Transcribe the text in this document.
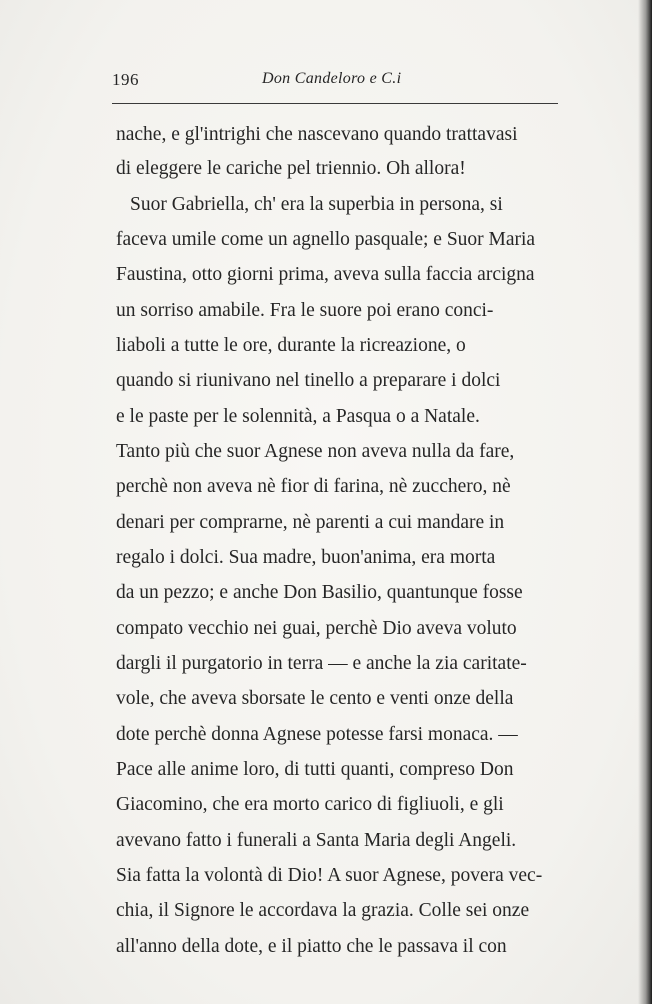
196	Don Candeloro e C.i
nache, e gl'intrighi che nascevano quando trattavasi
di eleggere le cariche pel triennio. Oh allora!
Suor Gabriella, ch' era la superbia in persona, si
faceva umile come un agnello pasquale; e Suor Maria
Faustina, otto giorni prima, aveva sulla faccia arcigna
un sorriso amabile. Fra le suore poi erano conci-
liaboli a tutte le ore, durante la ricreazione, o
quando si riunivano nel tinello a preparare i dolci
e le paste per le solennità, a Pasqua o a Natale.
Tanto più che suor Agnese non aveva nulla da fare,
perchè non aveva nè fior di farina, nè zucchero, nè
denari per comprarne, nè parenti a cui mandare in
regalo i dolci. Sua madre, buon'anima, era morta
da un pezzo; e anche Don Basilio, quantunque fosse
compato vecchio nei guai, perchè Dio aveva voluto
dargli il purgatorio in terra — e anche la zia caritate-
vole, che aveva sborsate le cento e venti onze della
dote perchè donna Agnese potesse farsi monaca. —
Pace alle anime loro, di tutti quanti, compreso Don
Giacomino, che era morto carico di figliuoli, e gli
avevano fatto i funerali a Santa Maria degli Angeli.
Sia fatta la volontà di Dio! A suor Agnese, povera vec-
chia, il Signore le accordava la grazia. Colle sei onze
all'anno della dote, e il piatto che le passava il con
